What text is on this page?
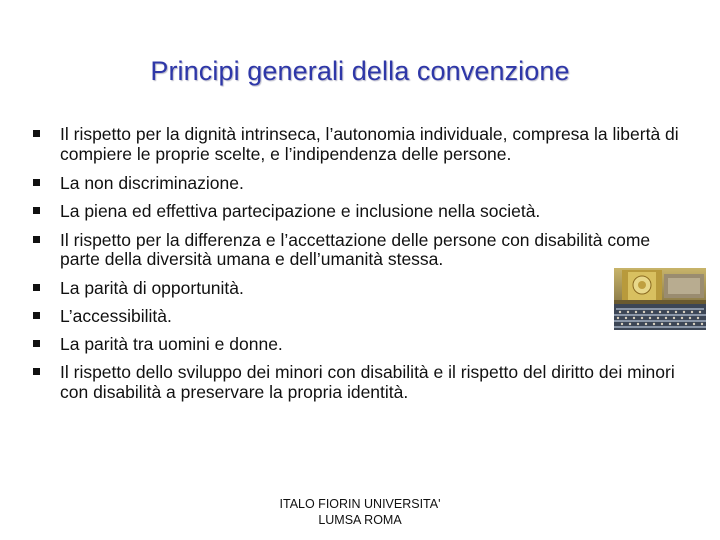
Principi generali della convenzione
Il rispetto per la dignità intrinseca, l’autonomia individuale, compresa la libertà di compiere le proprie scelte, e l’indipendenza delle persone.
La non discriminazione.
La piena ed effettiva partecipazione e inclusione nella società.
Il rispetto per la differenza e l’accettazione delle persone con disabilità come parte della diversità umana e dell’umanità stessa.
La parità di opportunità.
L’accessibilità.
La parità tra uomini e donne.
Il rispetto dello sviluppo dei minori con disabilità e il rispetto del diritto dei minori con disabilità a preservare la propria identità.
ITALO FIORIN UNIVERSITA'
LUMSA ROMA
